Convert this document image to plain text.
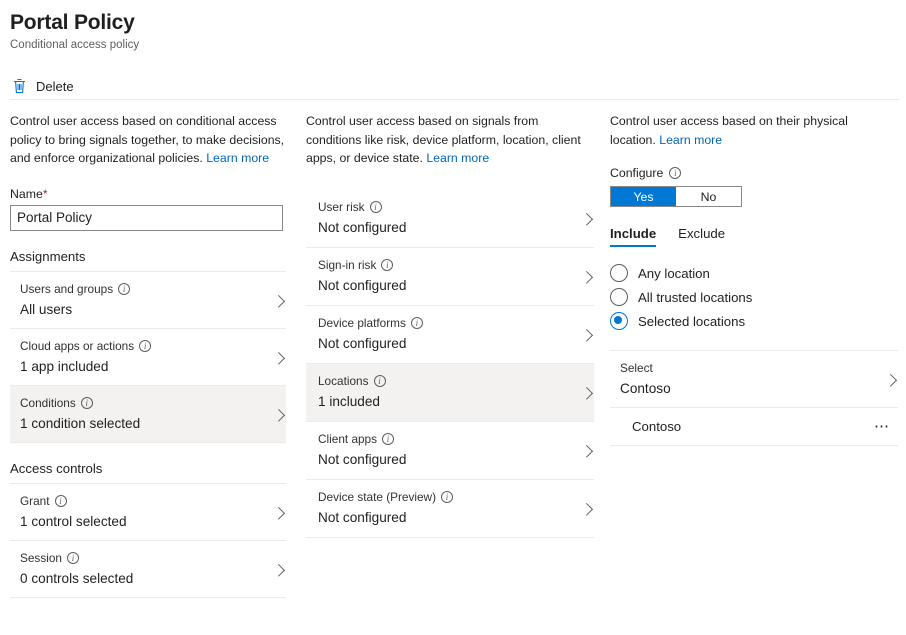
Portal Policy
Conditional access policy
Delete
Control user access based on conditional access policy to bring signals together, to make decisions, and enforce organizational policies. Learn more
Name*
Portal Policy
Assignments
Users and groups
i
All users
Cloud apps or actions
i
1 app included
Conditions
i
1 condition selected
Access controls
Grant
i
1 control selected
Session
i
0 controls selected
Control user access based on signals from conditions like risk, device platform, location, client apps, or device state. Learn more
User risk
i
Not configured
Sign-in risk
i
Not configured
Device platforms
i
Not configured
Locations
i
1 included
Client apps
i
Not configured
Device state (Preview)
i
Not configured
Control user access based on their physical location. Learn more
Configure
i
Yes	No
Include Exclude
Any location
All trusted locations
Selected locations
Select
Contoso
Contoso	⋯
